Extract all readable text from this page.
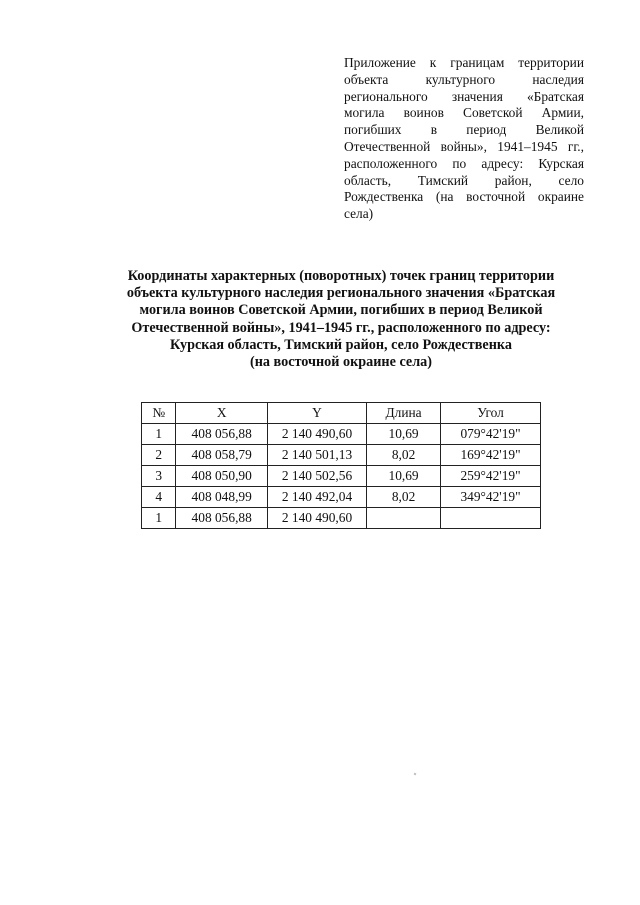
Приложение к границам территории объекта культурного наследия регионального значения «Братская могила воинов Советской Армии, погибших в период Великой Отечественной войны», 1941–1945 гг., расположенного по адресу: Курская область, Тимский район, село Рождественка (на восточной окраине села)
Координаты характерных (поворотных) точек границ территории
объекта культурного наследия регионального значения «Братская
могила воинов Советской Армии, погибших в период Великой
Отечественной войны», 1941–1945 гг., расположенного по адресу:
Курская область, Тимский район, село Рождественка
(на восточной окраине села)
№	X	Y	Длина	Угол
1	408 056,88	2 140 490,60	10,69	079°42'19"
2	408 058,79	2 140 501,13	8,02	169°42'19"
3	408 050,90	2 140 502,56	10,69	259°42'19"
4	408 048,99	2 140 492,04	8,02	349°42'19"
1	408 056,88	2 140 490,60		
